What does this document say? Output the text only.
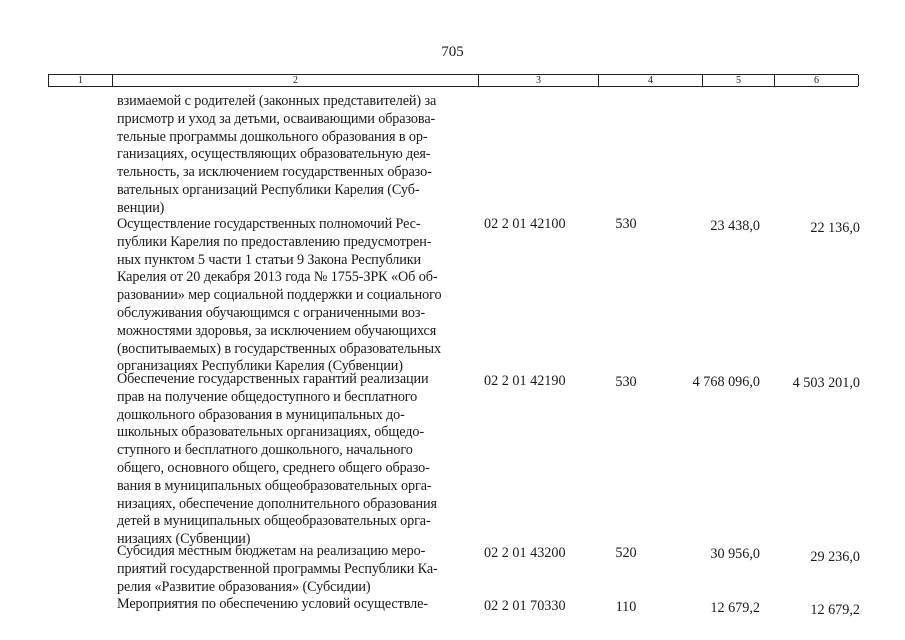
705
1	2	3	4	5	6
взимаемой с родителей (законных представителей) за
присмотр и уход за детьми, осваивающими образова-
тельные программы дошкольного образования в ор-
ганизациях, осуществляющих образовательную дея-
тельность, за исключением государственных образо-
вательных организаций Республики Карелия (Суб-
венции)
Осуществление государственных полномочий Рес-
публики Карелия по предоставлению предусмотрен-
ных пунктом 5 части 1 статьи 9 Закона Республики
Карелия от 20 декабря 2013 года № 1755-ЗРК «Об об-
разовании» мер социальной поддержки и социального
обслуживания обучающимся с ограниченными воз-
можностями здоровья, за исключением обучающихся
(воспитываемых) в государственных образовательных
организациях Республики Карелия (Субвенции)
02 2 01 42100	530	23 438,0	22 136,0
Обеспечение государственных гарантий реализации
прав на получение общедоступного и бесплатного
дошкольного образования в муниципальных до-
школьных образовательных организациях, общедо-
ступного и бесплатного дошкольного, начального
общего, основного общего, среднего общего образо-
вания в муниципальных общеобразовательных орга-
низациях, обеспечение дополнительного образования
детей в муниципальных общеобразовательных орга-
низациях (Субвенции)
02 2 01 42190	530	4 768 096,0	4 503 201,0
Субсидия местным бюджетам на реализацию меро-
приятий государственной программы Республики Ка-
релия «Развитие образования» (Субсидии)
02 2 01 43200	520	30 956,0	29 236,0
Мероприятия по обеспечению условий осуществле-	02 2 01 70330	110	12 679,2	12 679,2
